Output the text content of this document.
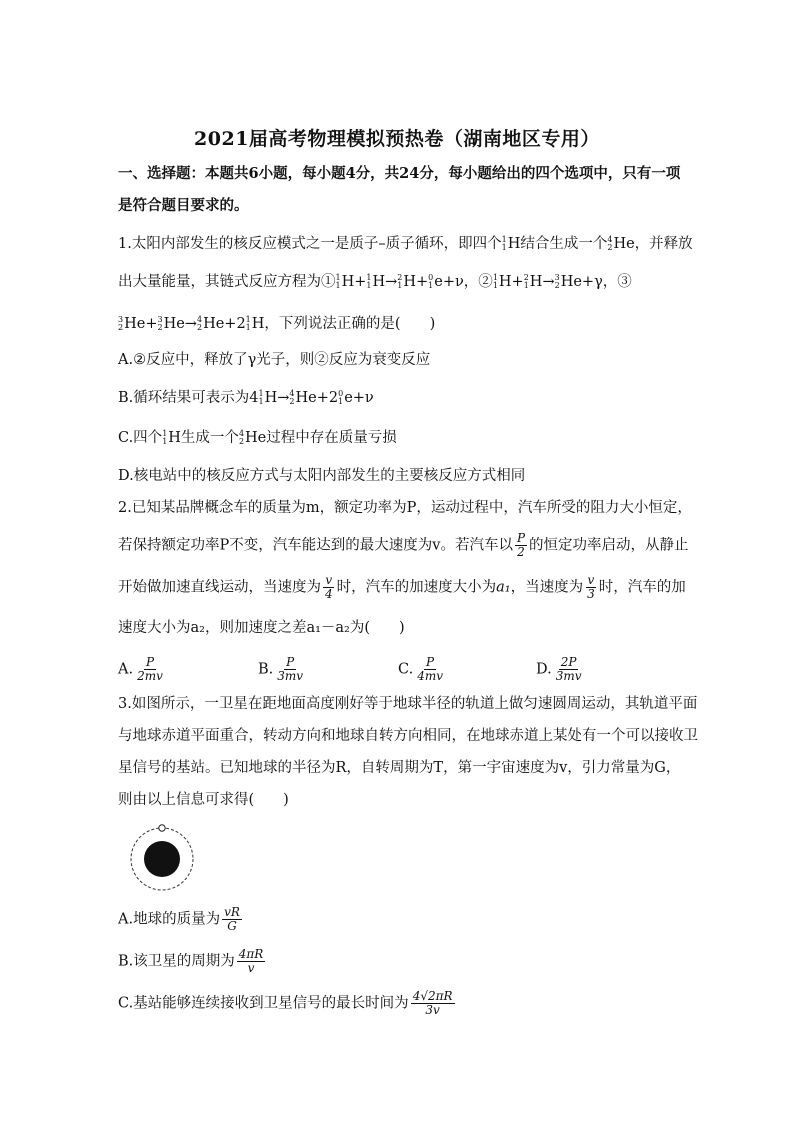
2021届高考物理模拟预热卷（湖南地区专用）
一、选择题：本题共6小题，每小题4分，共24分，每小题给出的四个选项中，只有一项
是符合题目要求的。
1.太阳内部发生的核反应模式之一是质子–质子循环，即四个 1
1 H结合生成一个 4
2 He，并释放
出大量能量，其链式反应方程为① 1
1 H+ 1
1 H→ 2
1 H+ 0
1 e+ν，② 1
1 H+ 2
1 H→ 3
2 He+γ，③
3
2 He+ 3
2 He→ 4
2 He+2 1
1 H，下列说法正确的是(　　)
A.②反应中，释放了γ光子，则②反应为衰变反应
B.循环结果可表示为4 1
1 H→ 4
2 He+2 0
1 e+ν
C.四个 1
1 H生成一个 4
2 He过程中存在质量亏损
D.核电站中的核反应方式与太阳内部发生的主要核反应方式相同
2.已知某品牌概念车的质量为m，额定功率为P，运动过程中，汽车所受的阻力大小恒定，
若保持额定功率P不变，汽车能达到的最大速度为v。若汽车以 $\frac{P}{2}$ 的恒定功率启动，从静止
开始做加速直线运动，当速度为 $\frac{v}{4}$ 时，汽车的加速度大小为a₁，当速度为 $\frac{v}{3}$ 时，汽车的加
速度大小为a₂，则加速度之差a₁－a₂为(　　)
A. $\frac{P}{2mv}$	B. $\frac{P}{3mv}$	C. $\frac{P}{4mv}$	D. $\frac{2P}{3mv}$
3.如图所示，一卫星在距地面高度刚好等于地球半径的轨道上做匀速圆周运动，其轨道平面
与地球赤道平面重合，转动方向和地球自转方向相同，在地球赤道上某处有一个可以接收卫
星信号的基站。已知地球的半径为R，自转周期为T，第一宇宙速度为v，引力常量为G，
则由以上信息可求得(　　)
A.地球的质量为 $\frac{vR}{G}$
B.该卫星的周期为 $\frac{4\pi R}{v}$
C.基站能够连续接收到卫星信号的最长时间为 $\frac{4√2\pi R}{3v}$
